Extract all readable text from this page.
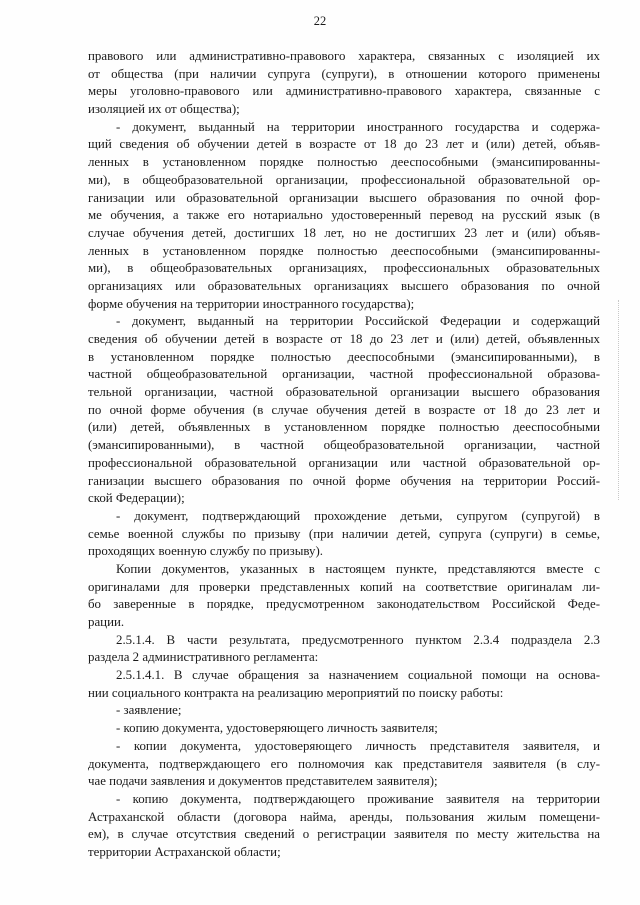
22
правового или административно-правового характера, связанных с изоляцией их
от общества (при наличии супруга (супруги), в отношении которого применены
меры уголовно-правового или административно-правового характера, связанные с
изоляцией их от общества);
- документ, выданный на территории иностранного государства и содержа-
щий сведения об обучении детей в возрасте от 18 до 23 лет и (или) детей, объяв-
ленных в установленном порядке полностью дееспособными (эмансипированны-
ми), в общеобразовательной организации, профессиональной образовательной ор-
ганизации или образовательной организации высшего образования по очной фор-
ме обучения, а также его нотариально удостоверенный перевод на русский язык (в
случае обучения детей, достигших 18 лет, но не достигших 23 лет и (или) объяв-
ленных в установленном порядке полностью дееспособными (эмансипированны-
ми), в общеобразовательных организациях, профессиональных образовательных
организациях или образовательных организациях высшего образования по очной
форме обучения на территории иностранного государства);
- документ, выданный на территории Российской Федерации и содержащий
сведения об обучении детей в возрасте от 18 до 23 лет и (или) детей, объявленных
в установленном порядке полностью дееспособными (эмансипированными), в
частной общеобразовательной организации, частной профессиональной образова-
тельной организации, частной образовательной организации высшего образования
по очной форме обучения (в случае обучения детей в возрасте от 18 до 23 лет и
(или) детей, объявленных в установленном порядке полностью дееспособными
(эмансипированными), в частной общеобразовательной организации, частной
профессиональной образовательной организации или частной образовательной ор-
ганизации высшего образования по очной форме обучения на территории Россий-
ской Федерации);
- документ, подтверждающий прохождение детьми, супругом (супругой) в
семье военной службы по призыву (при наличии детей, супруга (супруги) в семье,
проходящих военную службу по призыву).
Копии документов, указанных в настоящем пункте, представляются вместе с
оригиналами для проверки представленных копий на соответствие оригиналам ли-
бо заверенные в порядке, предусмотренном законодательством Российской Феде-
рации.
2.5.1.4. В части результата, предусмотренного пунктом 2.3.4 подраздела 2.3
раздела 2 административного регламента:
2.5.1.4.1. В случае обращения за назначением социальной помощи на основа-
нии социального контракта на реализацию мероприятий по поиску работы:
- заявление;
- копию документа, удостоверяющего личность заявителя;
- копии документа, удостоверяющего личность представителя заявителя, и
документа, подтверждающего его полномочия как представителя заявителя (в слу-
чае подачи заявления и документов представителем заявителя);
- копию документа, подтверждающего проживание заявителя на территории
Астраханской области (договора найма, аренды, пользования жилым помещени-
ем), в случае отсутствия сведений о регистрации заявителя по месту жительства на
территории Астраханской области;
